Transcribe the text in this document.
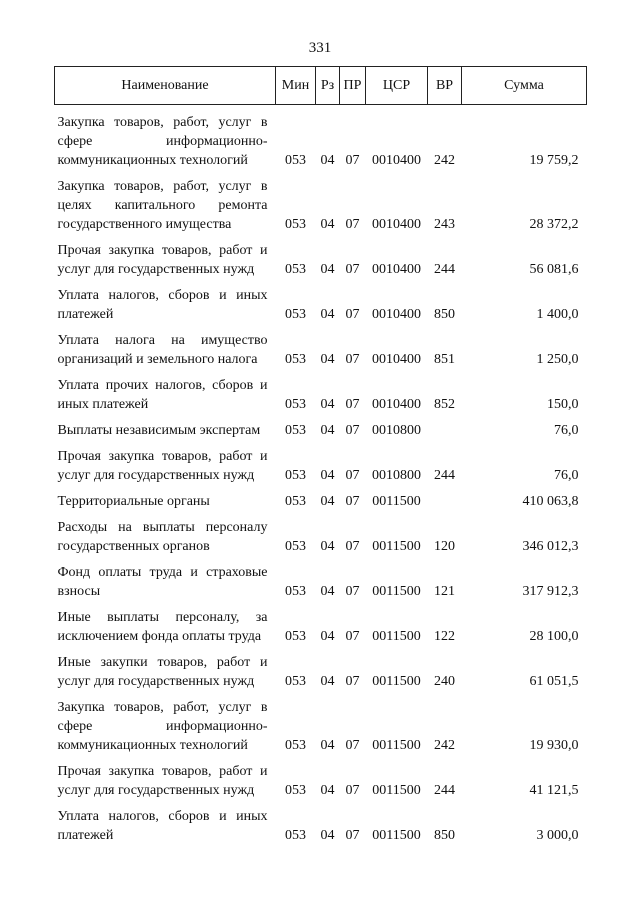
331
Наименование	Мин	Рз	ПР	ЦСР	ВР	Сумма
Закупка товаров, работ, услуг в сфере информационно-коммуникационных технологий	053	04	07	0010400	242	19 759,2
Закупка товаров, работ, услуг в целях капитального ремонта государственного имущества	053	04	07	0010400	243	28 372,2
Прочая закупка товаров, работ и услуг для государственных нужд	053	04	07	0010400	244	56 081,6
Уплата налогов, сборов и иных платежей	053	04	07	0010400	850	1 400,0
Уплата налога на имущество организаций и земельного налога	053	04	07	0010400	851	1 250,0
Уплата прочих налогов, сборов и иных платежей	053	04	07	0010400	852	150,0
Выплаты независимым экспертам	053	04	07	0010800		76,0
Прочая закупка товаров, работ и услуг для государственных нужд	053	04	07	0010800	244	76,0
Территориальные органы	053	04	07	0011500		410 063,8
Расходы на выплаты персоналу государственных органов	053	04	07	0011500	120	346 012,3
Фонд оплаты труда и страховые взносы	053	04	07	0011500	121	317 912,3
Иные выплаты персоналу, за исключением фонда оплаты труда	053	04	07	0011500	122	28 100,0
Иные закупки товаров, работ и услуг для государственных нужд	053	04	07	0011500	240	61 051,5
Закупка товаров, работ, услуг в сфере информационно-коммуникационных технологий	053	04	07	0011500	242	19 930,0
Прочая закупка товаров, работ и услуг для государственных нужд	053	04	07	0011500	244	41 121,5
Уплата налогов, сборов и иных платежей	053	04	07	0011500	850	3 000,0
